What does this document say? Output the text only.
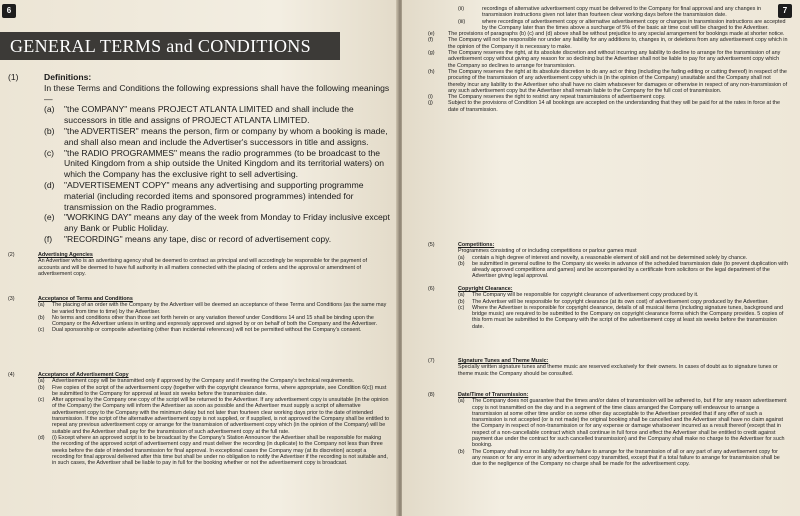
6
GENERAL TERMS and CONDITIONS
(1)	Definitions:
In these Terms and Conditions the following expressions shall have the following meanings—
(a) "the COMPANY" means PROJECT ATLANTA LIMITED and shall include the successors in title and assigns of PROJECT ATLANTA LIMITED.
(b) "the ADVERTISER" means the person, firm or company by whom a booking is made, and shall also mean and include the Advertiser's successors in title and assigns.
(c) "the RADIO PROGRAMMES" means the radio programmes (to be broadcast to the United Kingdom from a ship outside the United Kingdom and its territorial waters) on which the Company has the exclusive right to sell advertising.
(d) "ADVERTISEMENT COPY" means any advertising and supporting programme material (including recorded items and sponsored programmes) intended for transmission on the Radio programmes.
(e) "WORKING DAY" means any day of the week from Monday to Friday inclusive except any Bank or Public Holiday.
(f) "RECORDING" means any tape, disc or record of advertisement copy.
(2)	Advertising Agencies
An Advertiser who is an advertising agency shall be deemed to contract as principal and will accordingly be responsible for the payment of accounts and will be deemed to have full authority in all matters connected with the placing of orders and the approval or amendment of advertisement copy.
(3)	Acceptance of Terms and Conditions
(a) The placing of an order with the Company by the Advertiser will be deemed an acceptance of these Terms and Conditions (as the same may be varied from time to time) by the Advertiser.
(b) No terms and conditions other than those set forth herein or any variation thereof under Conditions 14 and 15 shall be binding upon the Company or the Advertiser unless in writing and expressly approved and signed by or on behalf of both the Company and the Advertiser.
(c) Dual sponsorship or composite advertising (other than incidental references) will not be permitted without the Company's consent.
(4)	Acceptance of Advertisement Copy
(a) Advertisement copy will be transmitted only if approved by the Company and if meeting the Company's technical requirements.
(b) Five copies of the script of the advertisement copy (together with the copyright clearance forms, where appropriate, see Condition 6(c)) must be submitted to the Company for approval at least six weeks before the transmission date.
(c) After approval by the Company one copy of the script will be returned to the Advertiser. If any advertisement copy is unsuitable (in the opinion of the Company) the Company will inform the Advertiser as soon as possible and the Advertiser must supply a script of alternative advertisement copy to the Company with the minimum delay but not later than fourteen clear working days prior to the date of intended transmission. If the script of the alternative advertisement copy is not supplied, or if supplied, is not approved the Company shall be entitled to repeat any previous advertisement copy or arrange for the transmission of advertisement copy which (in the opinion of the Company) will be suitable and the Advertiser shall pay for the transmission of such advertisement copy at the full rate.
(d) (i) Except where an approved script is to be broadcast by the Company's Station Announcer the Advertiser shall be responsible for making the recording of the approved script of advertisement copy and must deliver the recording (in duplicate) to the Company not less than three weeks before the date of intended transmission for final approval. In exceptional cases the Company may (at its discretion) accept a recording for final approval delivered after this time but shall be under no obligation to notify the Advertiser if the recording is not suitable and, in such cases, the Advertiser shall be liable to pay in full for the booking whether or not the advertisement copy is broadcast.
7
(ii)	recordings of alternative advertisement copy must be delivered to the Company for final approval and any changes in transmission instructions given not later than fourteen clear working days before the transmission date.
(iii)	where recordings of advertisement copy or alternative advertisement copy or changes in transmission instructions are accepted by the Company later than the times above a surcharge of 5% of the basic air time cost will be charged to the Advertiser.
(e) The provisions of paragraphs (b) (c) and (d) above shall be without prejudice to any special arrangement for bookings made at shorter notice.
(f)	The Company will not be responsible nor under any liability for any additions to, changes in, or deletions from any advertisement copy which in the opinion of the Company it is necessary to make.
(g) The Company reserves the right, at its absolute discretion and without incurring any liability to decline to arrange for the transmission of any advertisement copy without giving any reason for so declining but the Advertiser shall not be liable to pay for any advertisement copy which the Company so declines to arrange for transmission.
(h) The Company reserves the right at its absolute discretion to do any act or thing (including the fading editing or cutting thereof) in respect of the procuring of the transmission of any advertisement copy which is (in the opinion of the Company) unsuitable and the Company shall not thereby incur any liability to the Advertiser who shall have no claim whatsoever for damages or otherwise in respect of any non-transmission of any such advertisement copy but the Advertiser shall remain liable to the Company for the full cost of transmission.
(i)	The Company reserves the right to restrict any repeat transmissions of advertisement copy.
(j)	Subject to the provisions of Condition 14 all bookings are accepted on the understanding that they will be paid for at the rates in force at the date of transmission.
(5)	Competitions:
Programmes consisting of or including competitions or parlour games must
(a) contain a high degree of interest and novelty, a reasonable element of skill and not be determined solely by chance.
(b) be submitted in general outline to the Company six weeks in advance of the scheduled transmission date (to prevent duplication with already approved competitions and games) and be accompanied by a certificate from solicitors or the legal department of the Advertiser giving legal approval.
(6)	Copyright Clearance:
(a) The Company will be responsible for copyright clearance of advertisement copy produced by it.
(b) The Advertiser will be responsible for copyright clearance (at its own cost) of advertisement copy produced by the Advertiser.
(c) Where the Advertiser is responsible for copyright clearance, details of all musical items (including signature tunes, background and bridge music) are required to be submitted to the Company on copyright clearance forms which the Company provides. 5 copies of this form must be submitted to the Company with the script of the advertisement copy at least six weeks before the transmission date.
(7)	Signature Tunes and Theme Music:
Specially written signature tunes and theme music are reserved exclusively for their owners. In cases of doubt as to signature tunes or theme music the Company should be consulted.
(8)	Date/Time of Transmission:
(a) The Company does not guarantee that the times and/or dates of transmission will be adhered to, but if for any reason advertisement copy is not transmitted on the day and in a segment of the time class arranged the Company will endeavour to arrange a transmission at some other time and/or on some other day acceptable to the Advertiser provided that if any offer of such a transmission is not accepted (or is not made) the original booking shall be cancelled and the Advertiser shall have no claim against the Company in respect of non-transmission or for any expense or damage whatsoever incurred as a result thereof (except that in respect of a non-cancellable contract which shall continue in full force and effect the Advertiser shall be entitled to credit against payment due under the contract for such cancelled transmission) and the Company shall make no charge to the Advertiser for such booking.
(b) The Company shall incur no liability for any failure to arrange for the transmission of all or any part of any advertisement copy for any reason or for any error in any advertisement copy transmitted, except that if a total failure to arrange for transmission shall be due to the negligence of the Company no charge shall be made for the advertisement copy.
